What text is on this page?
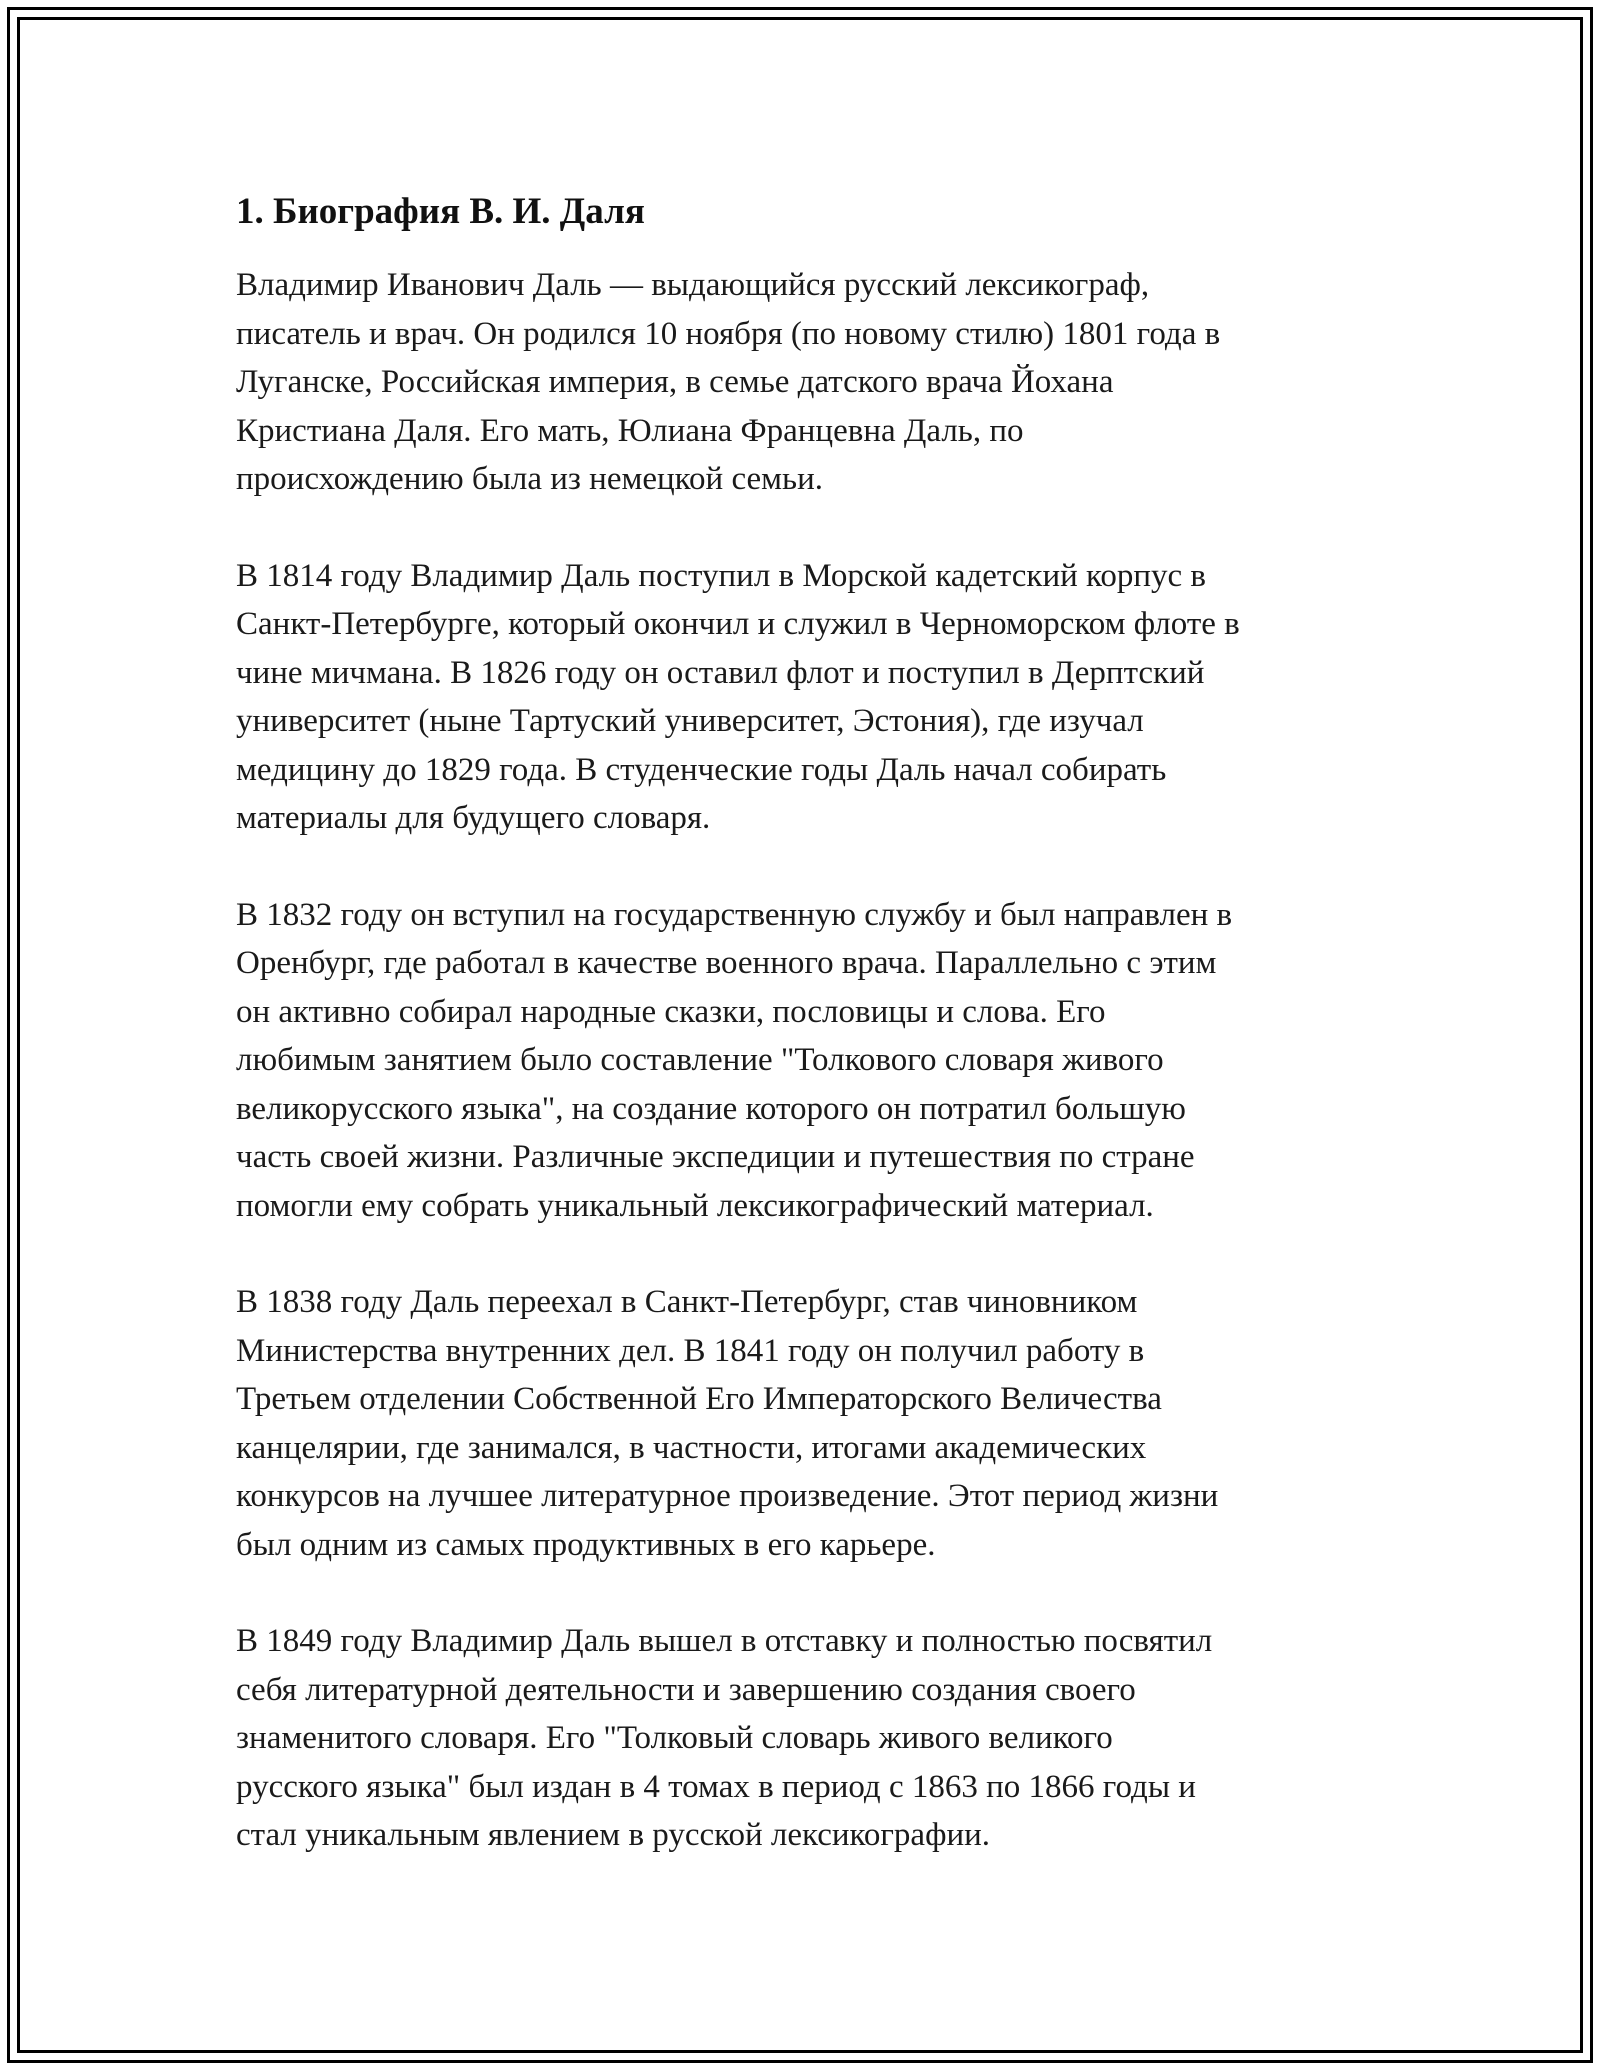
1. Биография В. И. Даля

Владимир Иванович Даль — выдающийся русский лексикограф,
писатель и врач. Он родился 10 ноября (по новому стилю) 1801 года в
Луганске, Российская империя, в семье датского врача Йохана
Кристиана Даля. Его мать, Юлиана Францевна Даль, по
происхождению была из немецкой семьи.

В 1814 году Владимир Даль поступил в Морской кадетский корпус в
Санкт-Петербурге, который окончил и служил в Черноморском флоте в
чине мичмана. В 1826 году он оставил флот и поступил в Дерптский
университет (ныне Тартуский университет, Эстония), где изучал
медицину до 1829 года. В студенческие годы Даль начал собирать
материалы для будущего словаря.

В 1832 году он вступил на государственную службу и был направлен в
Оренбург, где работал в качестве военного врача. Параллельно с этим
он активно собирал народные сказки, пословицы и слова. Его
любимым занятием было составление "Толкового словаря живого
великорусского языка", на создание которого он потратил большую
часть своей жизни. Различные экспедиции и путешествия по стране
помогли ему собрать уникальный лексикографический материал.

В 1838 году Даль переехал в Санкт-Петербург, став чиновником
Министерства внутренних дел. В 1841 году он получил работу в
Третьем отделении Собственной Его Императорского Величества
канцелярии, где занимался, в частности, итогами академических
конкурсов на лучшее литературное произведение. Этот период жизни
был одним из самых продуктивных в его карьере.

В 1849 году Владимир Даль вышел в отставку и полностью посвятил
себя литературной деятельности и завершению создания своего
знаменитого словаря. Его "Толковый словарь живого великого
русского языка" был издан в 4 томах в период с 1863 по 1866 годы и
стал уникальным явлением в русской лексикографии.
